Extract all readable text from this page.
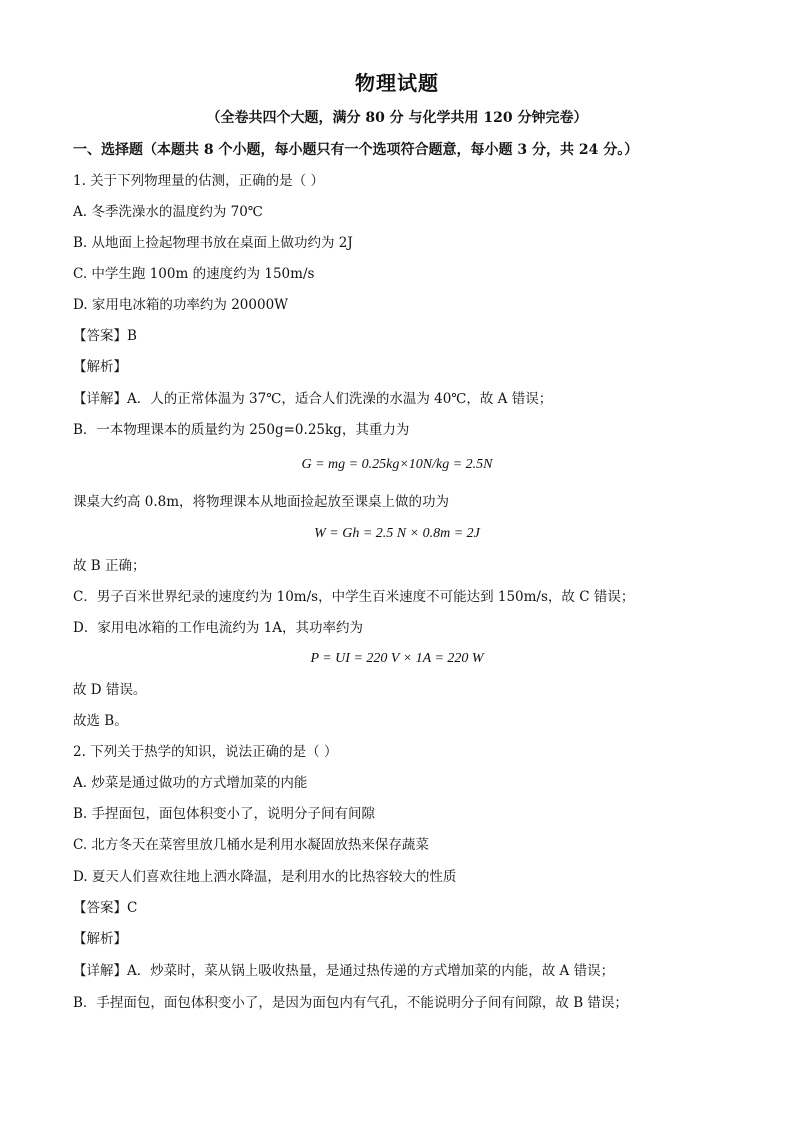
物理试题
（全卷共四个大题，满分 80 分 与化学共用 120 分钟完卷）
一、选择题（本题共 8 个小题，每小题只有一个选项符合题意，每小题 3 分，共 24 分。）
1. 关于下列物理量的估测，正确的是（ ）
A. 冬季洗澡水的温度约为 70℃
B. 从地面上捡起物理书放在桌面上做功约为 2J
C. 中学生跑 100m 的速度约为 150m/s
D. 家用电冰箱的功率约为 20000W
【答案】B
【解析】
【详解】A．人的正常体温为 37℃，适合人们洗澡的水温为 40℃，故 A 错误；
B．一本物理课本的质量约为 250g=0.25kg，其重力为
G = mg = 0.25kg×10N/kg = 2.5N
课桌大约高 0.8m，将物理课本从地面捡起放至课桌上做的功为
W = Gh = 2.5 N × 0.8m = 2J
故 B 正确；
C．男子百米世界纪录的速度约为 10m/s，中学生百米速度不可能达到 150m/s，故 C 错误；
D．家用电冰箱的工作电流约为 1A，其功率约为
P = UI = 220 V × 1A = 220 W
故 D 错误。
故选 B。
2. 下列关于热学的知识，说法正确的是（ ）
A. 炒菜是通过做功的方式增加菜的内能
B. 手捏面包，面包体积变小了，说明分子间有间隙
C. 北方冬天在菜窖里放几桶水是利用水凝固放热来保存蔬菜
D. 夏天人们喜欢往地上洒水降温，是利用水的比热容较大的性质
【答案】C
【解析】
【详解】A．炒菜时，菜从锅上吸收热量，是通过热传递的方式增加菜的内能，故 A 错误；
B．手捏面包，面包体积变小了，是因为面包内有气孔，不能说明分子间有间隙，故 B 错误；
